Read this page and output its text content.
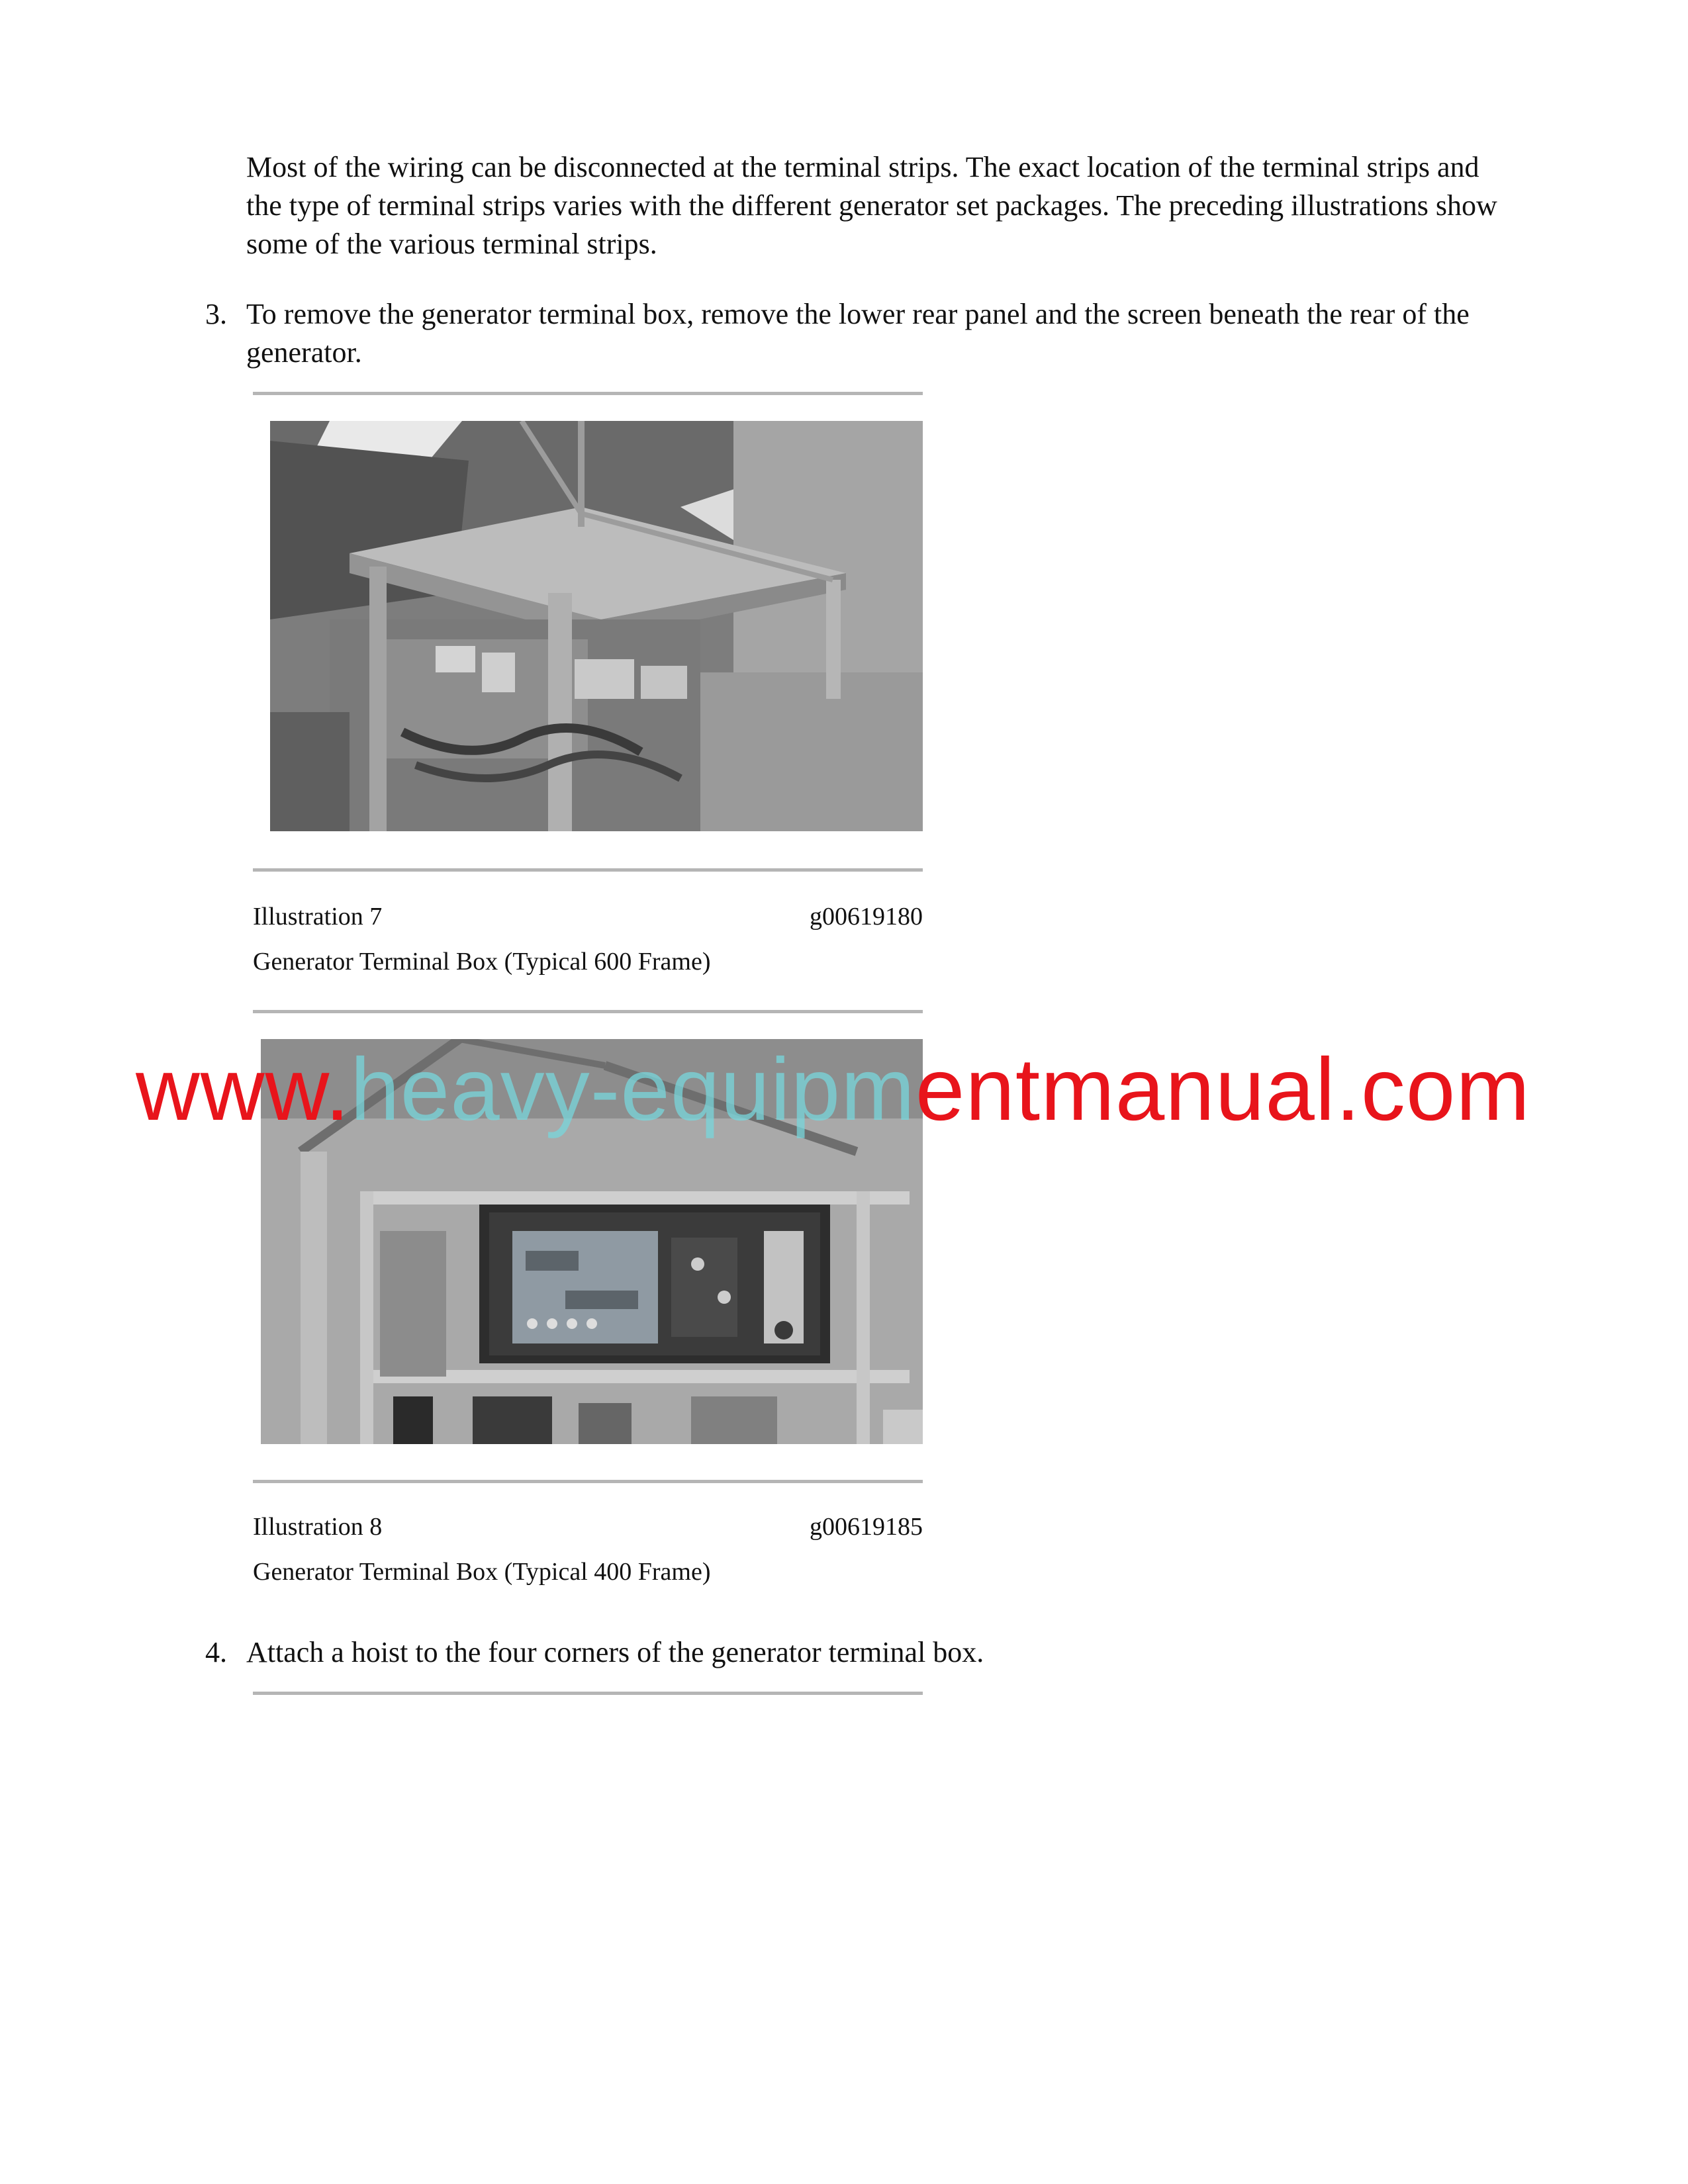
Most of the wiring can be disconnected at the terminal strips. The exact location of the terminal strips and the type of terminal strips varies with the different generator set packages. The preceding illustrations show some of the various terminal strips.

3. To remove the generator terminal box, remove the lower rear panel and the screen beneath the rear of the generator.

Illustration 7	g00619180
Generator Terminal Box (Typical 600 Frame)
www.heavy-equipmentmanual.com
Illustration 8	g00619185
Generator Terminal Box (Typical 400 Frame)
4. Attach a hoist to the four corners of the generator terminal box.
